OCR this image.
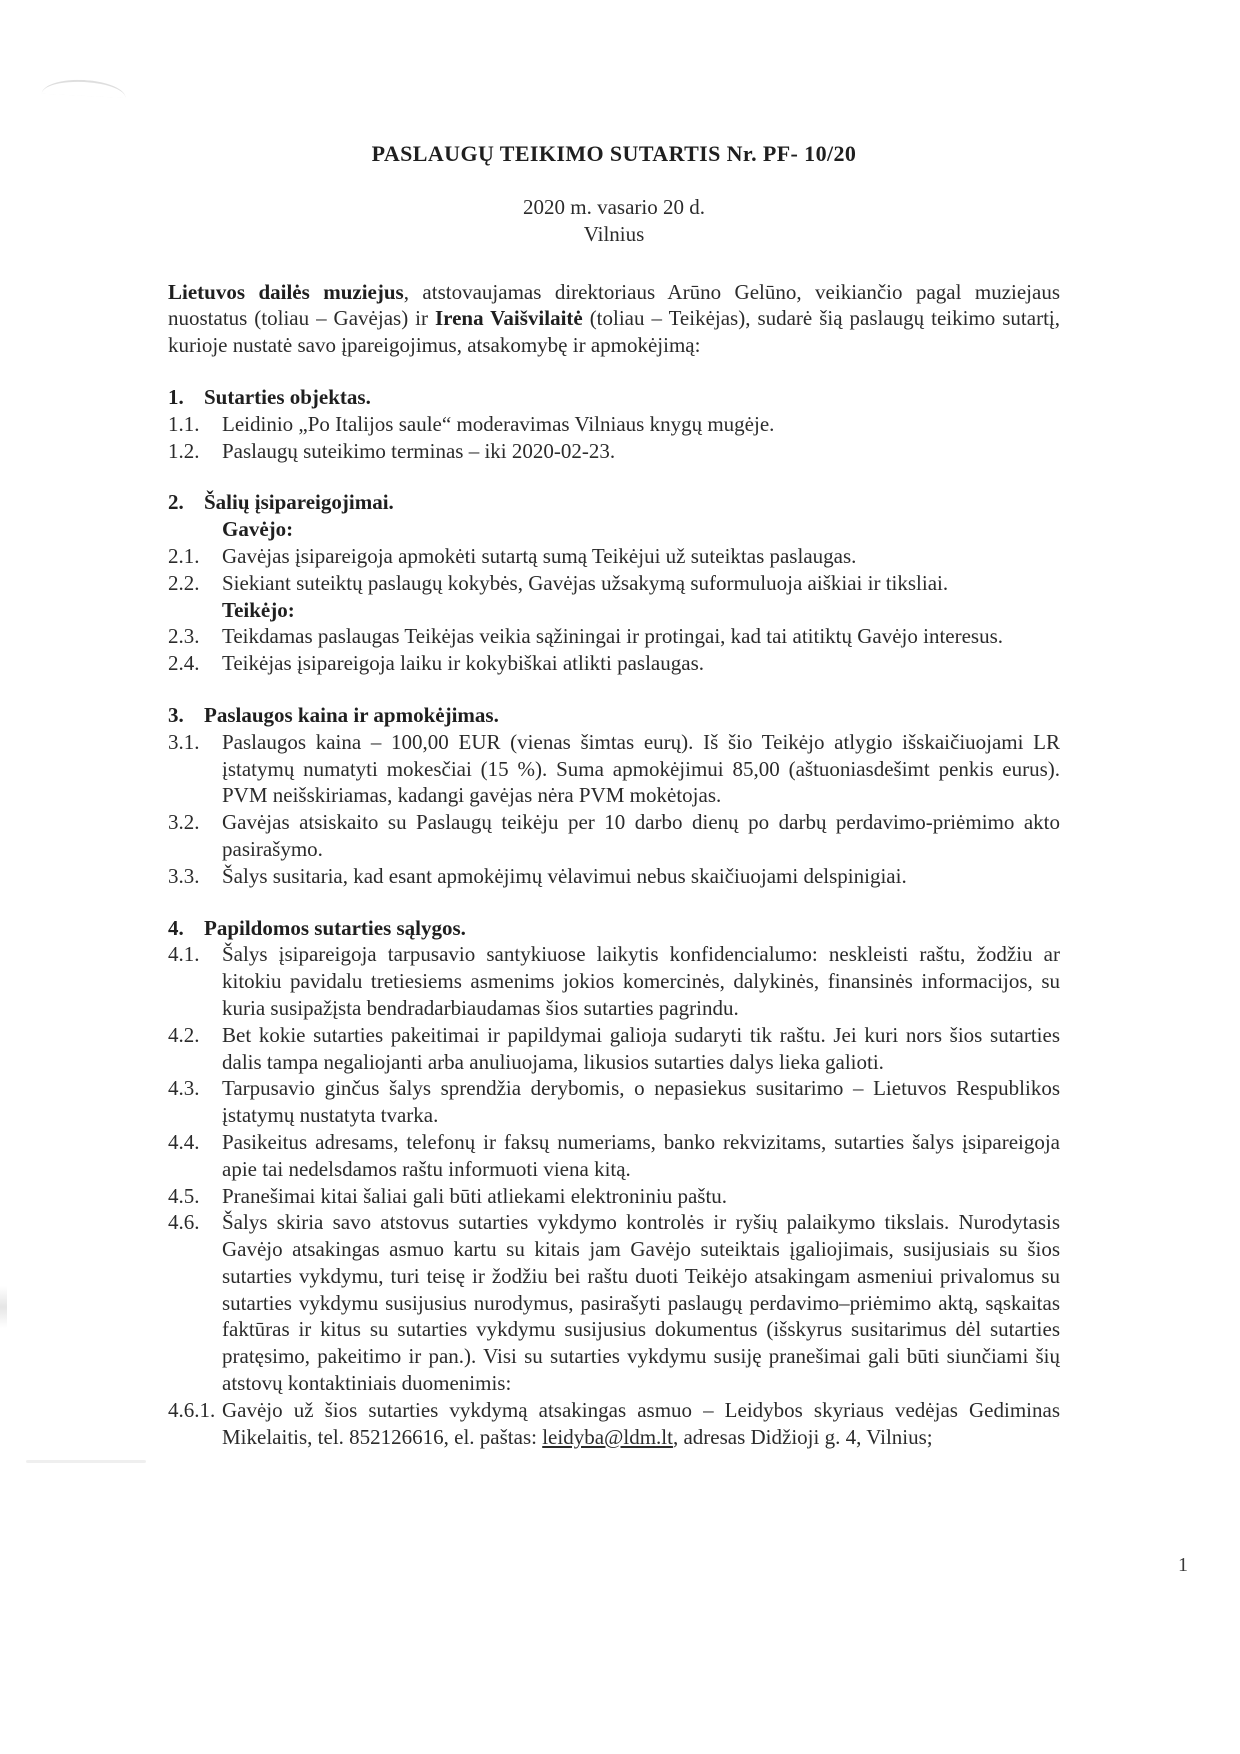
PASLAUGŲ TEIKIMO SUTARTIS Nr. PF- 10/20
2020 m. vasario 20 d.
Vilnius
Lietuvos dailės muziejus, atstovaujamas direktoriaus Arūno Gelūno, veikiančio pagal muziejaus nuostatus (toliau – Gavėjas) ir Irena Vaišvilaitė (toliau – Teikėjas), sudarė šią paslaugų teikimo sutartį, kurioje nustatė savo įpareigojimus, atsakomybę ir apmokėjimą:
1. Sutarties objektas.
1.1.	Leidinio „Po Italijos saule“ moderavimas Vilniaus knygų mugėje.
1.2.	Paslaugų suteikimo terminas – iki 2020-02-23.
2. Šalių įsipareigojimai.
Gavėjo:
2.1.	Gavėjas įsipareigoja apmokėti sutartą sumą Teikėjui už suteiktas paslaugas.
2.2.	Siekiant suteiktų paslaugų kokybės, Gavėjas užsakymą suformuluoja aiškiai ir tiksliai.
Teikėjo:
2.3.	Teikdamas paslaugas Teikėjas veikia sąžiningai ir protingai, kad tai atitiktų Gavėjo interesus.
2.4.	Teikėjas įsipareigoja laiku ir kokybiškai atlikti paslaugas.
3. Paslaugos kaina ir apmokėjimas.
3.1.	Paslaugos kaina – 100,00 EUR (vienas šimtas eurų). Iš šio Teikėjo atlygio išskaičiuojami LR įstatymų numatyti mokesčiai (15 %). Suma apmokėjimui 85,00 (aštuoniasdešimt penkis eurus). PVM neišskiriamas, kadangi gavėjas nėra PVM mokėtojas.
3.2.	Gavėjas atsiskaito su Paslaugų teikėju per 10 darbo dienų po darbų perdavimo-priėmimo akto pasirašymo.
3.3.	Šalys susitaria, kad esant apmokėjimų vėlavimui nebus skaičiuojami delspinigiai.
4. Papildomos sutarties sąlygos.
4.1.	Šalys įsipareigoja tarpusavio santykiuose laikytis konfidencialumo: neskleisti raštu, žodžiu ar kitokiu pavidalu tretiesiems asmenims jokios komercinės, dalykinės, finansinės informacijos, su kuria susipažįsta bendradarbiaudamas šios sutarties pagrindu.
4.2.	Bet kokie sutarties pakeitimai ir papildymai galioja sudaryti tik raštu. Jei kuri nors šios sutarties dalis tampa negaliojanti arba anuliuojama, likusios sutarties dalys lieka galioti.
4.3.	Tarpusavio ginčus šalys sprendžia derybomis, o nepasiekus susitarimo – Lietuvos Respublikos įstatymų nustatyta tvarka.
4.4.	Pasikeitus adresams, telefonų ir faksų numeriams, banko rekvizitams, sutarties šalys įsipareigoja apie tai nedelsdamos raštu informuoti viena kitą.
4.5.	Pranešimai kitai šaliai gali būti atliekami elektroniniu paštu.
4.6.	Šalys skiria savo atstovus sutarties vykdymo kontrolės ir ryšių palaikymo tikslais. Nurodytasis Gavėjo atsakingas asmuo kartu su kitais jam Gavėjo suteiktais įgaliojimais, susijusiais su šios sutarties vykdymu, turi teisę ir žodžiu bei raštu duoti Teikėjo atsakingam asmeniui privalomus su sutarties vykdymu susijusius nurodymus, pasirašyti paslaugų perdavimo–priėmimo aktą, sąskaitas faktūras ir kitus su sutarties vykdymu susijusius dokumentus (išskyrus susitarimus dėl sutarties pratęsimo, pakeitimo ir pan.). Visi su sutarties vykdymu susiję pranešimai gali būti siunčiami šių atstovų kontaktiniais duomenimis:
4.6.1. Gavėjo už šios sutarties vykdymą atsakingas asmuo – Leidybos skyriaus vedėjas Gediminas Mikelaitis, tel. 852126616, el. paštas: leidyba@ldm.lt, adresas Didžioji g. 4, Vilnius;
1
